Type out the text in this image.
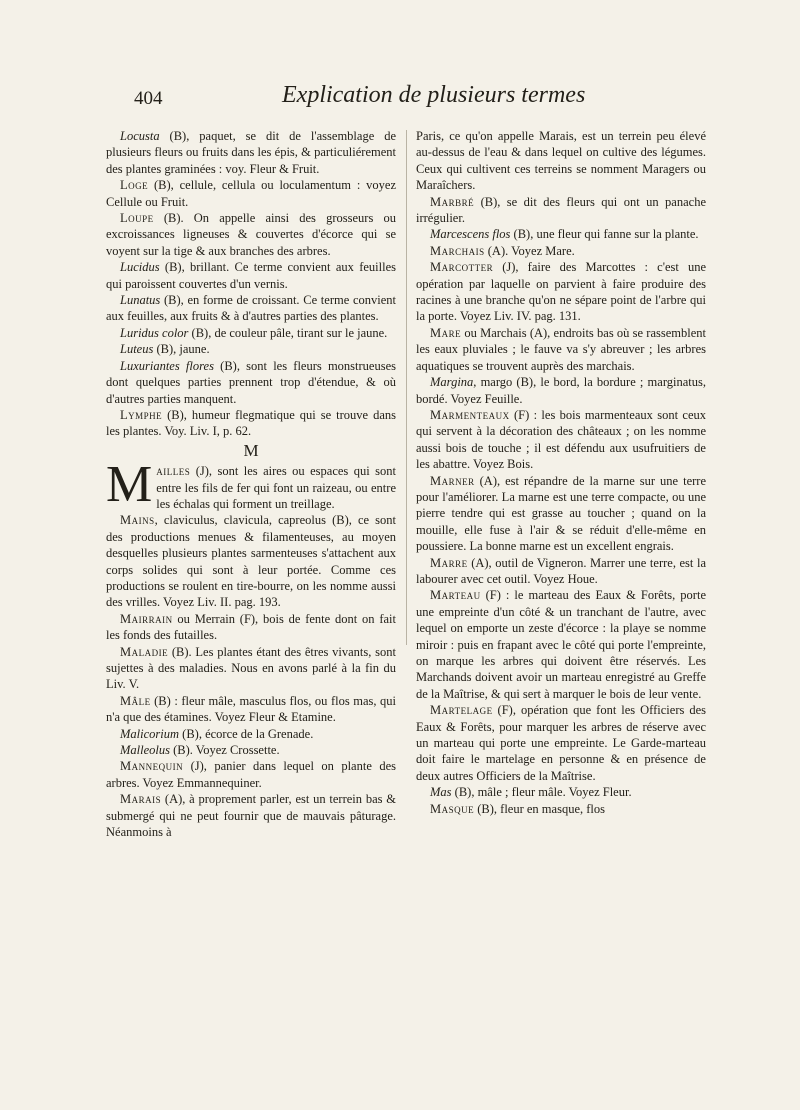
404	Explication de plusieurs termes

Locusta (B), paquet, se dit de l'assemblage de plusieurs fleurs ou fruits dans les épis, & particuliérement des plantes graminées : voy. Fleur & Fruit.

Loge (B), cellule, cellula ou loculamentum : voyez Cellule ou Fruit.

Loupe (B). On appelle ainsi des grosseurs ou excroissances ligneuses & couvertes d'écorce qui se voyent sur la tige & aux branches des arbres.

Lucidus (B), brillant. Ce terme convient aux feuilles qui paroissent couvertes d'un vernis.

Lunatus (B), en forme de croissant. Ce terme convient aux feuilles, aux fruits & à d'autres parties des plantes.

Luridus color (B), de couleur pâle, tirant sur le jaune.

Luteus (B), jaune.

Luxuriantes flores (B), sont les fleurs monstrueuses dont quelques parties prennent trop d'étendue, & où d'autres parties manquent.

Lymphe (B), humeur flegmatique qui se trouve dans les plantes. Voy. Liv. I, p. 62.

M

Mailles (J), sont les aires ou espaces qui sont entre les fils de fer qui font un raizeau, ou entre les échalas qui forment un treillage.

Mains, claviculus, clavicula, capreolus (B), ce sont des productions menues & filamenteuses, au moyen desquelles plusieurs plantes sarmenteuses s'attachent aux corps solides qui sont à leur portée. Comme ces productions se roulent en tire-bourre, on les nomme aussi des vrilles. Voyez Liv. II. pag. 193.

Mairrain ou Merrain (F), bois de fente dont on fait les fonds des futailles.

Maladie (B). Les plantes étant des êtres vivants, sont sujettes à des maladies. Nous en avons parlé à la fin du Liv. V.

Mâle (B) : fleur mâle, masculus flos, ou flos mas, qui n'a que des étamines. Voyez Fleur & Etamine.

Malicorium (B), écorce de la Grenade.

Malleolus (B). Voyez Crossette.

Mannequin (J), panier dans lequel on plante des arbres. Voyez Emmannequiner.

Marais (A), à proprement parler, est un terrein bas & submergé qui ne peut fournir que de mauvais pâturage. Néanmoins à

Paris, ce qu'on appelle Marais, est un terrein peu élevé au-dessus de l'eau & dans lequel on cultive des légumes. Ceux qui cultivent ces terreins se nomment Maragers ou Maraîchers.

Marbré (B), se dit des fleurs qui ont un panache irrégulier.

Marcescens flos (B), une fleur qui fanne sur la plante.

Marchais (A). Voyez Mare.

Marcotter (J), faire des Marcottes : c'est une opération par laquelle on parvient à faire produire des racines à une branche qu'on ne sépare point de l'arbre qui la porte. Voyez Liv. IV. pag. 131.

Mare ou Marchais (A), endroits bas où se rassemblent les eaux pluviales ; le fauve va s'y abreuver ; les arbres aquatiques se trouvent auprès des marchais.

Margina, margo (B), le bord, la bordure ; marginatus, bordé. Voyez Feuille.

Marmenteaux (F) : les bois marmenteaux sont ceux qui servent à la décoration des châteaux ; on les nomme aussi bois de touche ; il est défendu aux usufruitiers de les abattre. Voyez Bois.

Marner (A), est répandre de la marne sur une terre pour l'améliorer. La marne est une terre compacte, ou une pierre tendre qui est grasse au toucher ; quand on la mouille, elle fuse à l'air & se réduit d'elle-même en poussiere. La bonne marne est un excellent engrais.

Marre (A), outil de Vigneron. Marrer une terre, est la labourer avec cet outil. Voyez Houe.

Marteau (F) : le marteau des Eaux & Forêts, porte une empreinte d'un côté & un tranchant de l'autre, avec lequel on emporte un zeste d'écorce : la playe se nomme miroir : puis en frapant avec le côté qui porte l'empreinte, on marque les arbres qui doivent être réservés. Les Marchands doivent avoir un marteau enregistré au Greffe de la Maîtrise, & qui sert à marquer le bois de leur vente.

Martelage (F), opération que font les Officiers des Eaux & Forêts, pour marquer les arbres de réserve avec un marteau qui porte une empreinte. Le Garde-marteau doit faire le martelage en personne & en présence de deux autres Officiers de la Maîtrise.

Mas (B), mâle ; fleur mâle. Voyez Fleur.

Masque (B), fleur en masque, flos
